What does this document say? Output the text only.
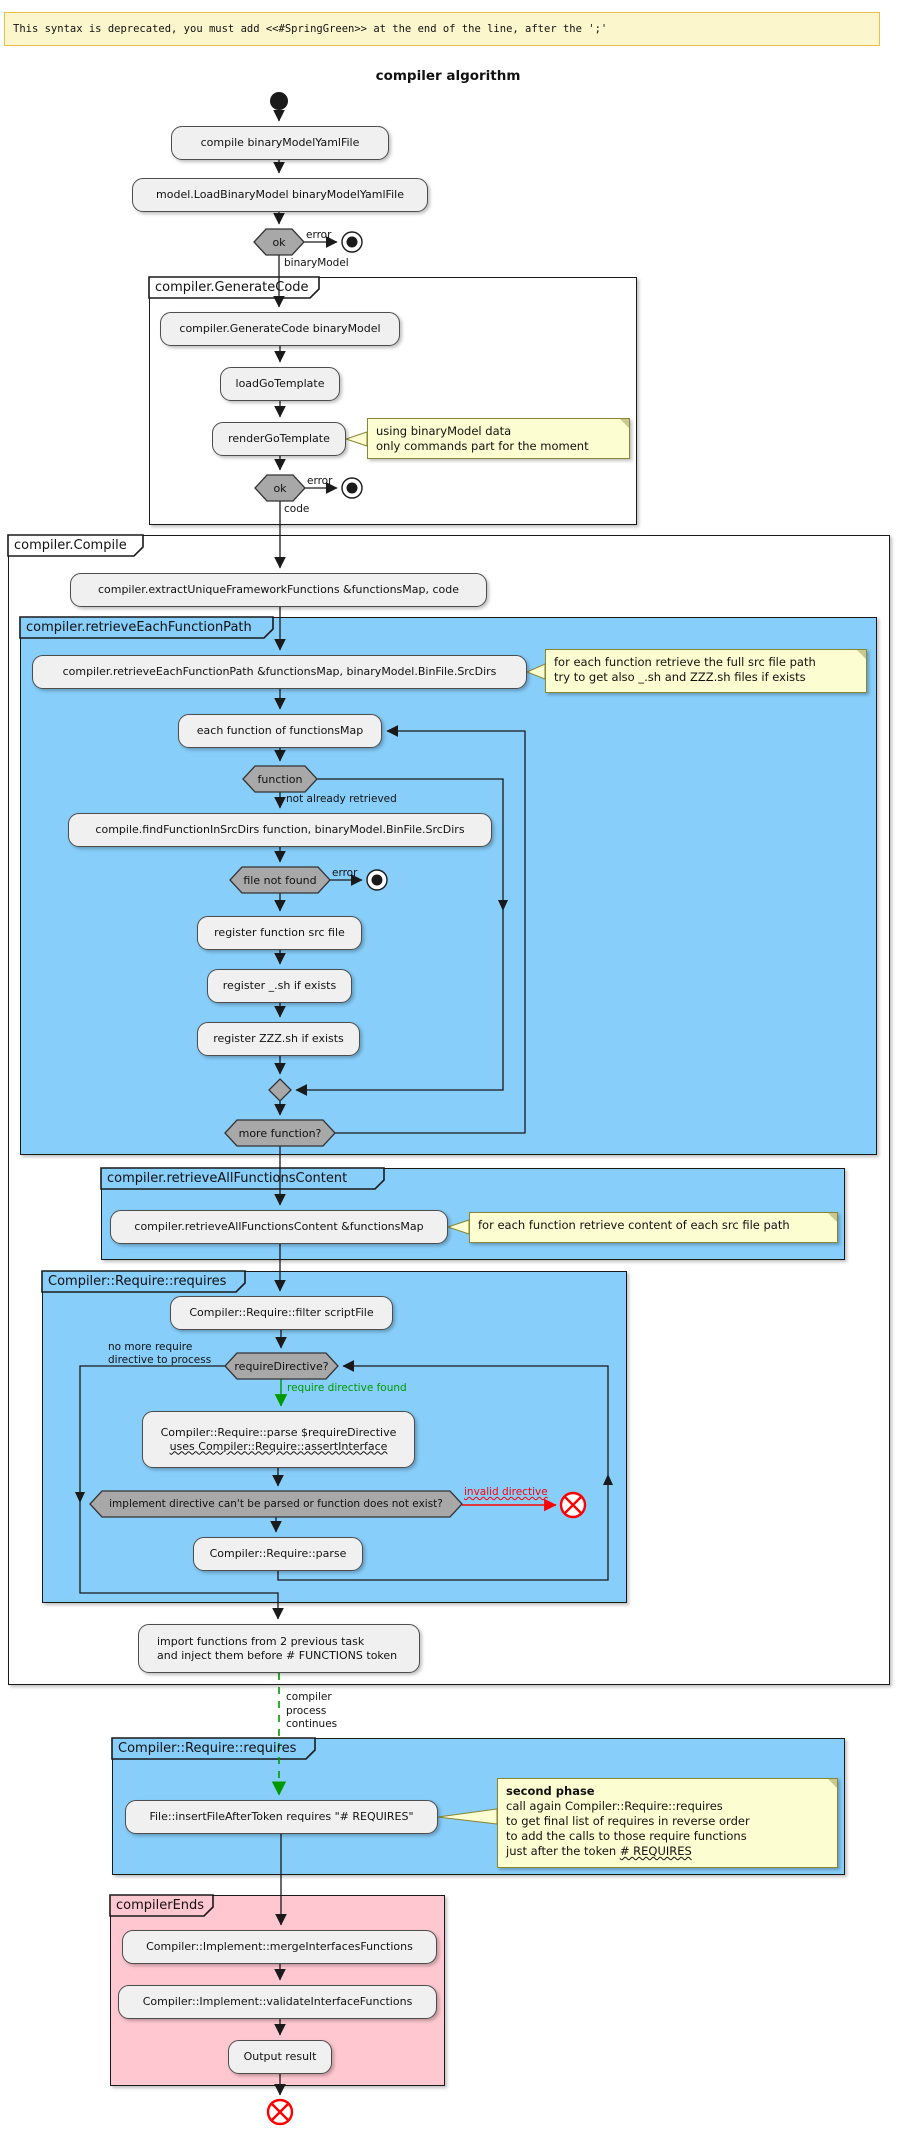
This syntax is deprecated, you must add <<#SpringGreen>> at the end of the line, after the ';'
compiler algorithm
compiler.GenerateCode
compiler.Compile
compiler.retrieveEachFunctionPath
compiler.retrieveAllFunctionsContent
Compiler::Require::requires
Compiler::Require::requires
compilerEnds
compile binaryModelYamlFile
model.LoadBinaryModel binaryModelYamlFile
compiler.GenerateCode binaryModel
loadGoTemplate
renderGoTemplate
compiler.extractUniqueFrameworkFunctions &functionsMap, code
compiler.retrieveEachFunctionPath &functionsMap, binaryModel.BinFile.SrcDirs
each function of functionsMap
compile.findFunctionInSrcDirs function, binaryModel.BinFile.SrcDirs
register function src file
register _.sh if exists
register ZZZ.sh if exists
compiler.retrieveAllFunctionsContent &functionsMap
Compiler::Require::filter scriptFile
Compiler::Require::parse $requireDirective
uses Compiler::Require::assertInterface
Compiler::Require::parse
import functions from 2 previous task
and inject them before # FUNCTIONS token
File::insertFileAfterToken requires "# REQUIRES"
Compiler::Implement::mergeInterfacesFunctions
Compiler::Implement::validateInterfaceFunctions
Output result
ok
ok
function
file not found
more function?
requireDirective?
implement directive can't be parsed or function does not exist?
error
binaryModel
error
code
not already retrieved
error
no more require
directive to process
require directive found
invalid directive
compiler
process
continues
using binaryModel data
only commands part for the moment
for each function retrieve the full src file path
try to get also _.sh and ZZZ.sh files if exists
for each function retrieve content of each src file path
second phase
call again Compiler::Require::requires
to get final list of requires in reverse order
to add the calls to those require functions
just after the token # REQUIRES
